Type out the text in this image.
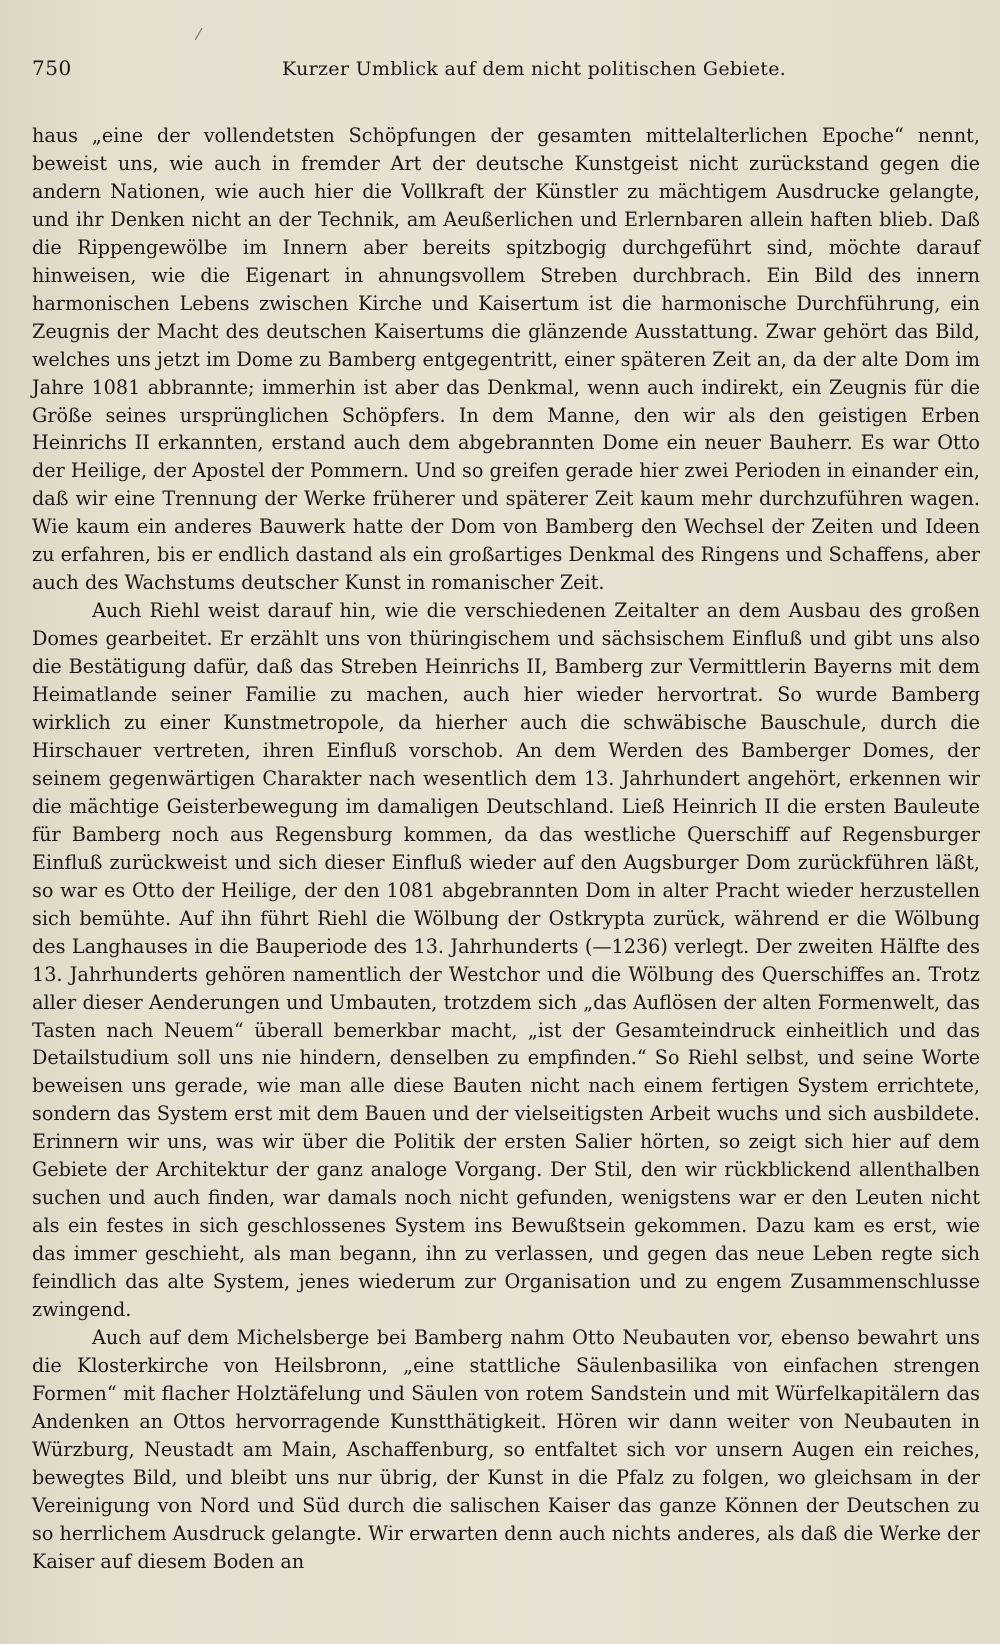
/
750	Kurzer Umblick auf dem nicht politischen Gebiete.

haus „eine der vollendetsten Schöpfungen der gesamten mittelalterlichen Epoche“ nennt, beweist uns, wie auch in fremder Art der deutsche Kunstgeist nicht zurückstand gegen die andern Nationen, wie auch hier die Vollkraft der Künstler zu mächtigem Ausdrucke gelangte, und ihr Denken nicht an der Technik, am Aeußerlichen und Erlernbaren allein haften blieb. Daß die Rippengewölbe im Innern aber bereits spitzbogig durchgeführt sind, möchte darauf hinweisen, wie die Eigenart in ahnungsvollem Streben durchbrach. Ein Bild des innern harmonischen Lebens zwischen Kirche und Kaisertum ist die harmonische Durchführung, ein Zeugnis der Macht des deutschen Kaisertums die glänzende Ausstattung. Zwar gehört das Bild, welches uns jetzt im Dome zu Bamberg entgegentritt, einer späteren Zeit an, da der alte Dom im Jahre 1081 abbrannte; immerhin ist aber das Denkmal, wenn auch indirekt, ein Zeugnis für die Größe seines ursprünglichen Schöpfers. In dem Manne, den wir als den geistigen Erben Heinrichs II erkannten, erstand auch dem abgebrannten Dome ein neuer Bauherr. Es war Otto der Heilige, der Apostel der Pommern. Und so greifen gerade hier zwei Perioden in einander ein, daß wir eine Trennung der Werke früherer und späterer Zeit kaum mehr durchzuführen wagen. Wie kaum ein anderes Bauwerk hatte der Dom von Bamberg den Wechsel der Zeiten und Ideen zu erfahren, bis er endlich dastand als ein großartiges Denkmal des Ringens und Schaffens, aber auch des Wachstums deutscher Kunst in romanischer Zeit.

Auch Riehl weist darauf hin, wie die verschiedenen Zeitalter an dem Ausbau des großen Domes gearbeitet. Er erzählt uns von thüringischem und sächsischem Einfluß und gibt uns also die Bestätigung dafür, daß das Streben Heinrichs II, Bamberg zur Vermittlerin Bayerns mit dem Heimatlande seiner Familie zu machen, auch hier wieder hervortrat. So wurde Bamberg wirklich zu einer Kunstmetropole, da hierher auch die schwäbische Bauschule, durch die Hirschauer vertreten, ihren Einfluß vorschob. An dem Werden des Bamberger Domes, der seinem gegenwärtigen Charakter nach wesentlich dem 13. Jahrhundert angehört, erkennen wir die mächtige Geisterbewegung im damaligen Deutschland. Ließ Heinrich II die ersten Bauleute für Bamberg noch aus Regensburg kommen, da das westliche Querschiff auf Regensburger Einfluß zurückweist und sich dieser Einfluß wieder auf den Augsburger Dom zurückführen läßt, so war es Otto der Heilige, der den 1081 abgebrannten Dom in alter Pracht wieder herzustellen sich bemühte. Auf ihn führt Riehl die Wölbung der Ostkrypta zurück, während er die Wölbung des Langhauses in die Bauperiode des 13. Jahrhunderts (—1236) verlegt. Der zweiten Hälfte des 13. Jahrhunderts gehören namentlich der Westchor und die Wölbung des Querschiffes an. Trotz aller dieser Aenderungen und Umbauten, trotzdem sich „das Auflösen der alten Formenwelt, das Tasten nach Neuem“ überall bemerkbar macht, „ist der Gesamteindruck einheitlich und das Detailstudium soll uns nie hindern, denselben zu empfinden.“ So Riehl selbst, und seine Worte beweisen uns gerade, wie man alle diese Bauten nicht nach einem fertigen System errichtete, sondern das System erst mit dem Bauen und der vielseitigsten Arbeit wuchs und sich ausbildete. Erinnern wir uns, was wir über die Politik der ersten Salier hörten, so zeigt sich hier auf dem Gebiete der Architektur der ganz analoge Vorgang. Der Stil, den wir rückblickend allenthalben suchen und auch finden, war damals noch nicht gefunden, wenigstens war er den Leuten nicht als ein festes in sich geschlossenes System ins Bewußtsein gekommen. Dazu kam es erst, wie das immer geschieht, als man begann, ihn zu verlassen, und gegen das neue Leben regte sich feindlich das alte System, jenes wiederum zur Organisation und zu engem Zusammenschlusse zwingend.

Auch auf dem Michelsberge bei Bamberg nahm Otto Neubauten vor, ebenso bewahrt uns die Klosterkirche von Heilsbronn, „eine stattliche Säulenbasilika von einfachen strengen Formen“ mit flacher Holztäfelung und Säulen von rotem Sandstein und mit Würfelkapitälern das Andenken an Ottos hervorragende Kunstthätigkeit. Hören wir dann weiter von Neubauten in Würzburg, Neustadt am Main, Aschaffenburg, so entfaltet sich vor unsern Augen ein reiches, bewegtes Bild, und bleibt uns nur übrig, der Kunst in die Pfalz zu folgen, wo gleichsam in der Vereinigung von Nord und Süd durch die salischen Kaiser das ganze Können der Deutschen zu so herrlichem Ausdruck gelangte. Wir erwarten denn auch nichts anderes, als daß die Werke der Kaiser auf diesem Boden an
